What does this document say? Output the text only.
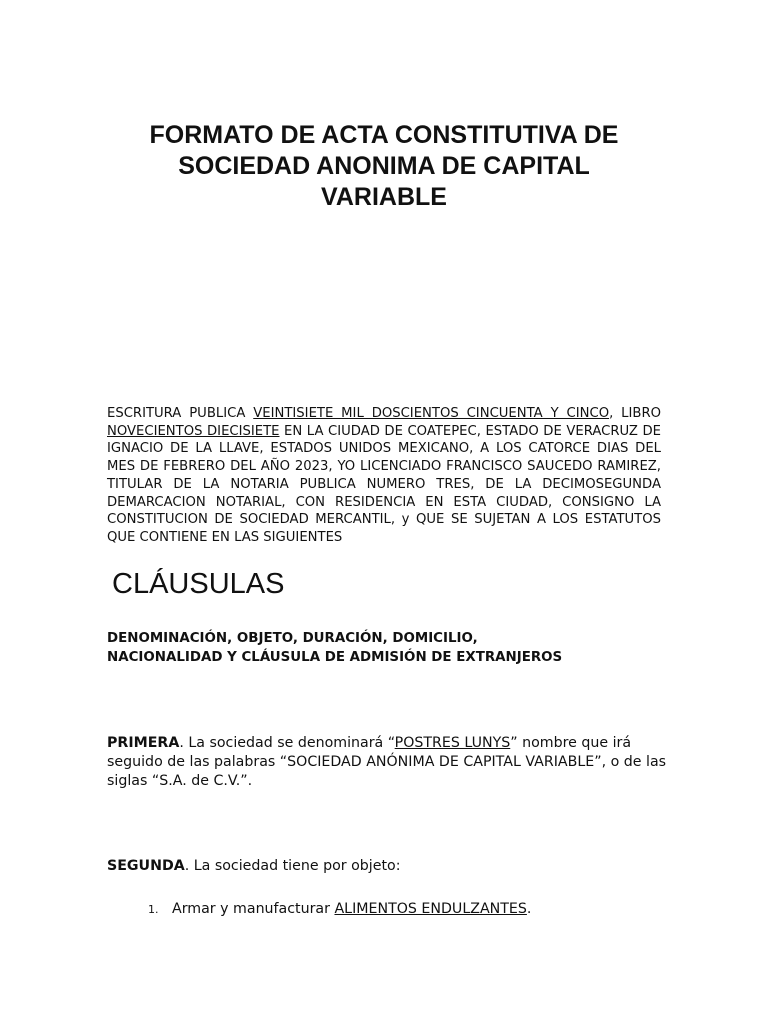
FORMATO DE ACTA CONSTITUTIVA DE
SOCIEDAD ANONIMA DE CAPITAL
VARIABLE

ESCRITURA PUBLICA VEINTISIETE MIL DOSCIENTOS CINCUENTA Y CINCO, LIBRO NOVECIENTOS DIECISIETE EN LA CIUDAD DE COATEPEC, ESTADO DE VERACRUZ DE IGNACIO DE LA LLAVE, ESTADOS UNIDOS MEXICANO, A LOS CATORCE DIAS DEL MES DE FEBRERO DEL AÑO 2023, YO LICENCIADO FRANCISCO SAUCEDO RAMIREZ, TITULAR DE LA NOTARIA PUBLICA NUMERO TRES, DE LA DECIMOSEGUNDA DEMARCACION NOTARIAL, CON RESIDENCIA EN ESTA CIUDAD, CONSIGNO LA CONSTITUCION DE SOCIEDAD MERCANTIL, y QUE SE SUJETAN A LOS ESTATUTOS QUE CONTIENE EN LAS SIGUIENTES

CLÁUSULAS
DENOMINACIÓN, OBJETO, DURACIÓN, DOMICILIO,
NACIONALIDAD Y CLÁUSULA DE ADMISIÓN DE EXTRANJEROS

PRIMERA. La sociedad se denominará “POSTRES LUNYS” nombre que irá seguido de las palabras “SOCIEDAD ANÓNIMA DE CAPITAL VARIABLE”, o de las siglas “S.A. de C.V.”.

SEGUNDA. La sociedad tiene por objeto:

1. Armar y manufacturar ALIMENTOS ENDULZANTES.
